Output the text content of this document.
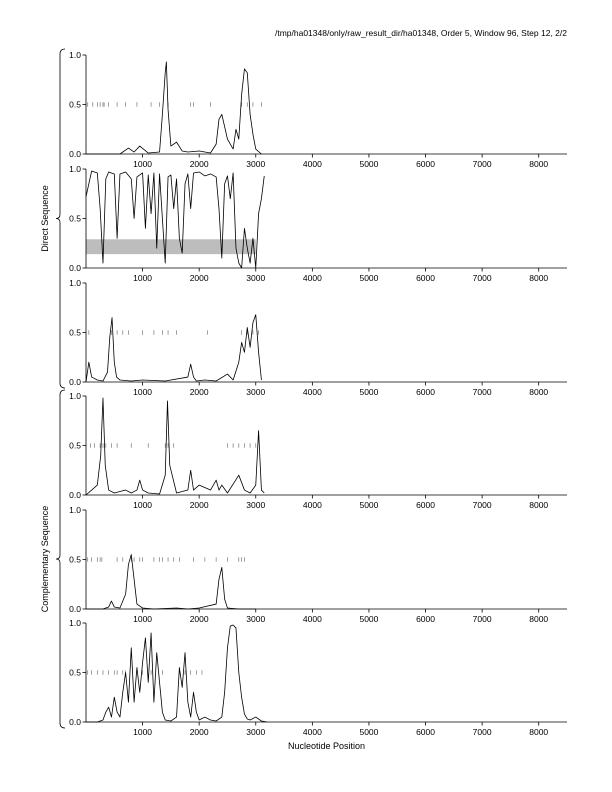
/tmp/ha01348/only/raw_result_dir/ha01348, Order 5, Window 96, Step 12, 2/2
Direct Sequence
Complementary Sequence
0.0
0.5
1.0
1000	2000	3000	4000	5000	6000	7000	8000
0.0
0.5
1.0
1000	2000	3000	4000	5000	6000	7000	8000
0.0
0.5
1.0
1000	2000	3000	4000	5000	6000	7000	8000
0.0
0.5
1.0
1000	2000	3000	4000	5000	6000	7000	8000
0.0
0.5
1.0
1000	2000	3000	4000	5000	6000	7000	8000
0.0
0.5
1.0
1000	2000	3000	4000	5000	6000	7000	8000
Nucleotide Position
